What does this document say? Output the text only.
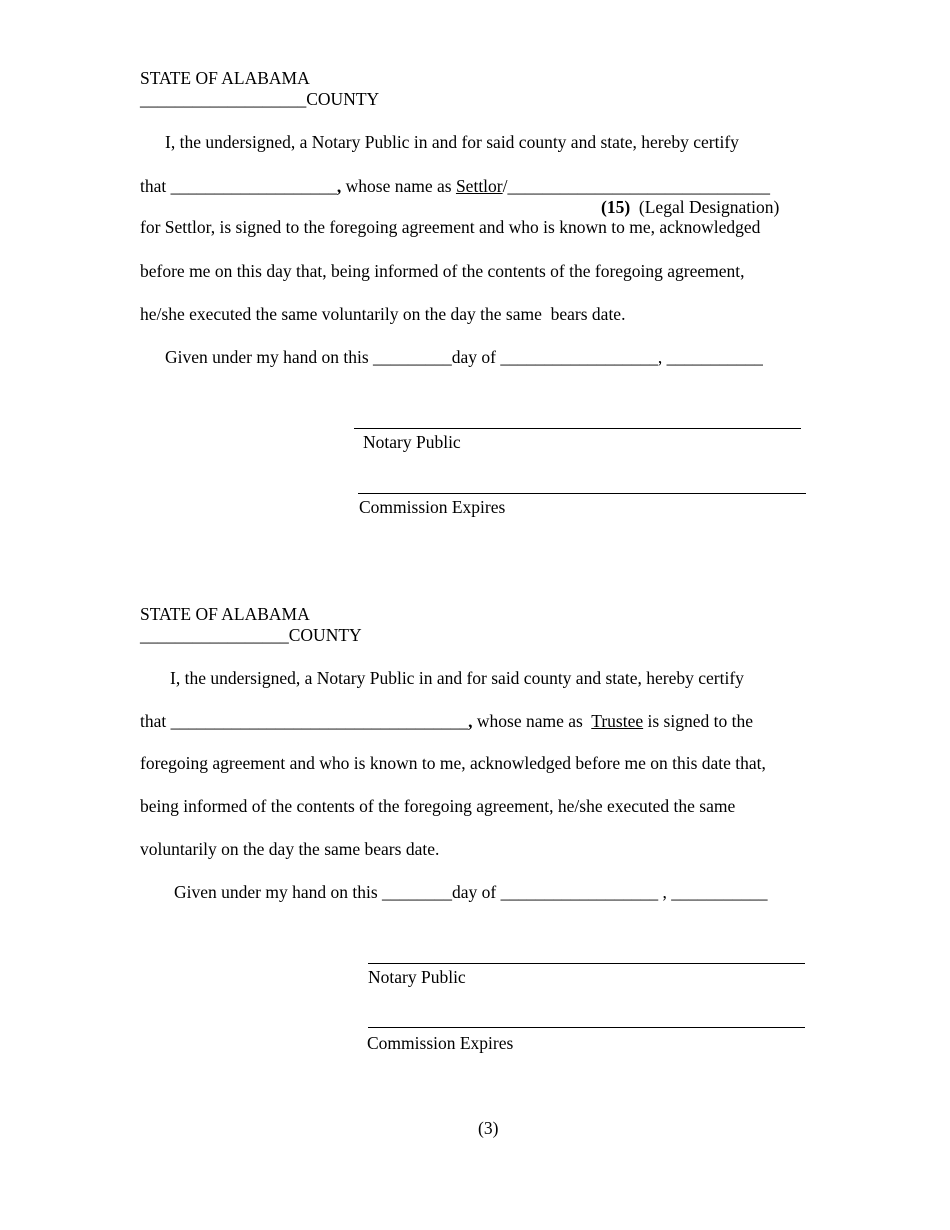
STATE OF ALABAMA
___________________COUNTY
I, the undersigned, a Notary Public in and for said county and state, hereby certify
that ___________________, whose name as Settlor/______________________________
(15) (Legal Designation)
for Settlor, is signed to the foregoing agreement and who is known to me, acknowledged
before me on this day that, being informed of the contents of the foregoing agreement,
he/she executed the same voluntarily on the day the same  bears date.
Given under my hand on this _________day of __________________, ___________
Notary Public
Commission Expires
STATE OF ALABAMA
_________________COUNTY
I, the undersigned, a Notary Public in and for said county and state, hereby certify
that __________________________________, whose name as  Trustee is signed to the
foregoing agreement and who is known to me, acknowledged before me on this date that,
being informed of the contents of the foregoing agreement, he/she executed the same
voluntarily on the day the same bears date.
Given under my hand on this ________day of __________________ , ___________
Notary Public
Commission Expires
(3)
